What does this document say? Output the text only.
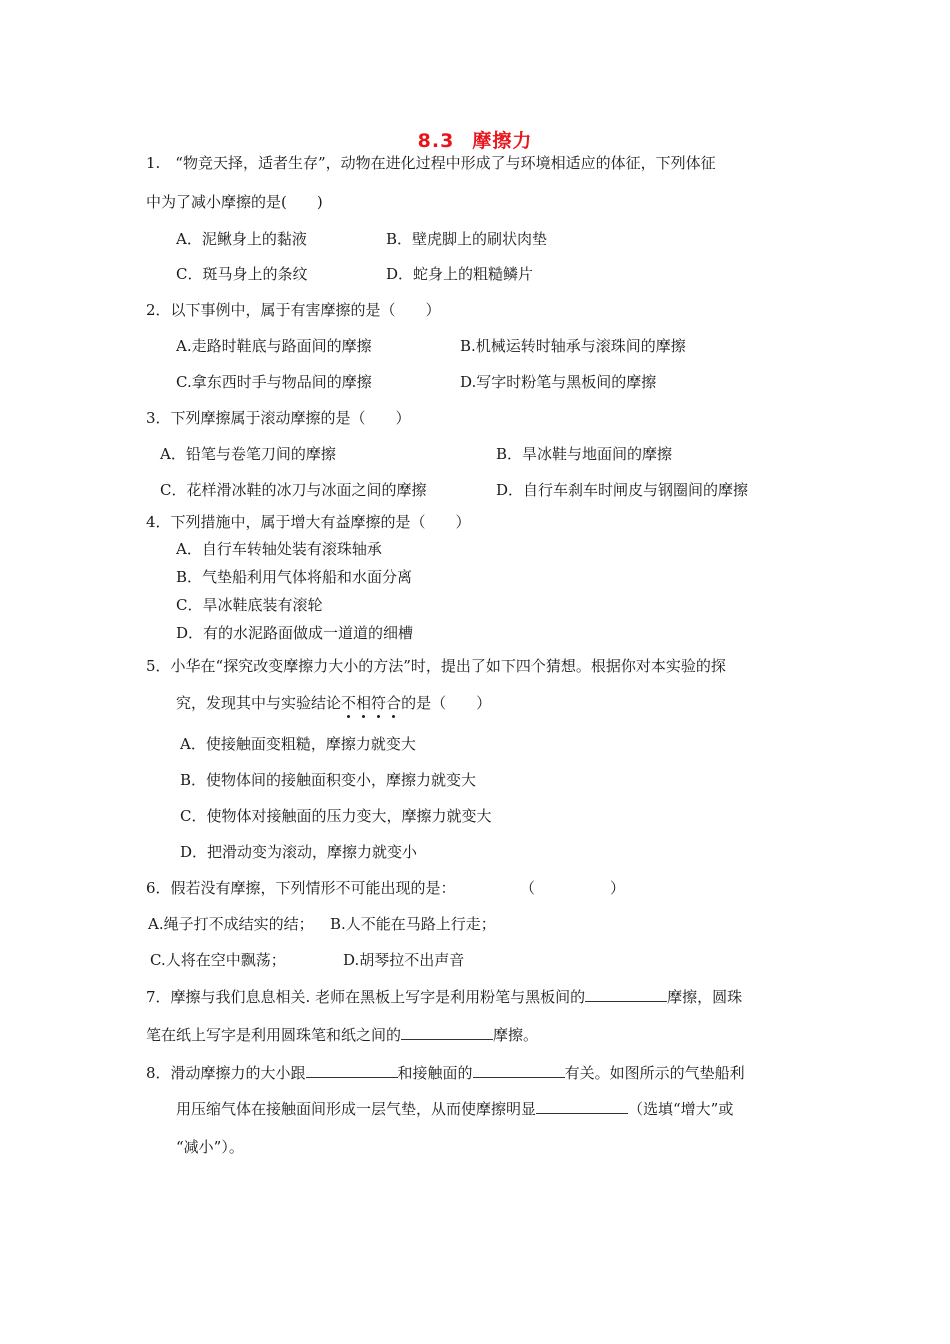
8.3 摩擦力
1.　“物竞天择，适者生存”，动物在进化过程中形成了与环境相适应的体征，下列体征
中为了减小摩擦的是(　　)
A．泥鳅身上的黏液	B．壁虎脚上的刷状肉垫
C．斑马身上的条纹	D．蛇身上的粗糙鳞片
2．以下事例中，属于有害摩擦的是（　　）
A.走路时鞋底与路面间的摩擦	B.机械运转时轴承与滚珠间的摩擦
C.拿东西时手与物品间的摩擦	D.写字时粉笔与黑板间的摩擦
3．下列摩擦属于滚动摩擦的是（　　）
A．铅笔与卷笔刀间的摩擦	B．旱冰鞋与地面间的摩擦
C．花样滑冰鞋的冰刀与冰面之间的摩擦	D．自行车刹车时闸皮与钢圈间的摩擦
4．下列措施中，属于增大有益摩擦的是（　　）
A．自行车转轴处装有滚珠轴承
B．气垫船利用气体将船和水面分离
C．旱冰鞋底装有滚轮
D．有的水泥路面做成一道道的细槽
5．小华在“探究改变摩擦力大小的方法”时，提出了如下四个猜想。根据你对本实验的探
究，发现其中与实验结论不相符合的是（　　）
A．使接触面变粗糙，摩擦力就变大
B．使物体间的接触面积变小，摩擦力就变大
C．使物体对接触面的压力变大，摩擦力就变大
D．把滑动变为滚动，摩擦力就变小
6．假若没有摩擦，下列情形不可能出现的是：	（	）
A.绳子打不成结实的结； B.人不能在马路上行走；
C.人将在空中飘荡；	D.胡琴拉不出声音
7．摩擦与我们息息相关. 老师在黑板上写字是利用粉笔与黑板间的	摩擦，圆珠
笔在纸上写字是利用圆珠笔和纸之间的	摩擦。
8．滑动摩擦力的大小跟	和接触面的	有关。如图所示的气垫船利
用压缩气体在接触面间形成一层气垫，从而使摩擦明显	（选填“增大”或
“减小”）。
